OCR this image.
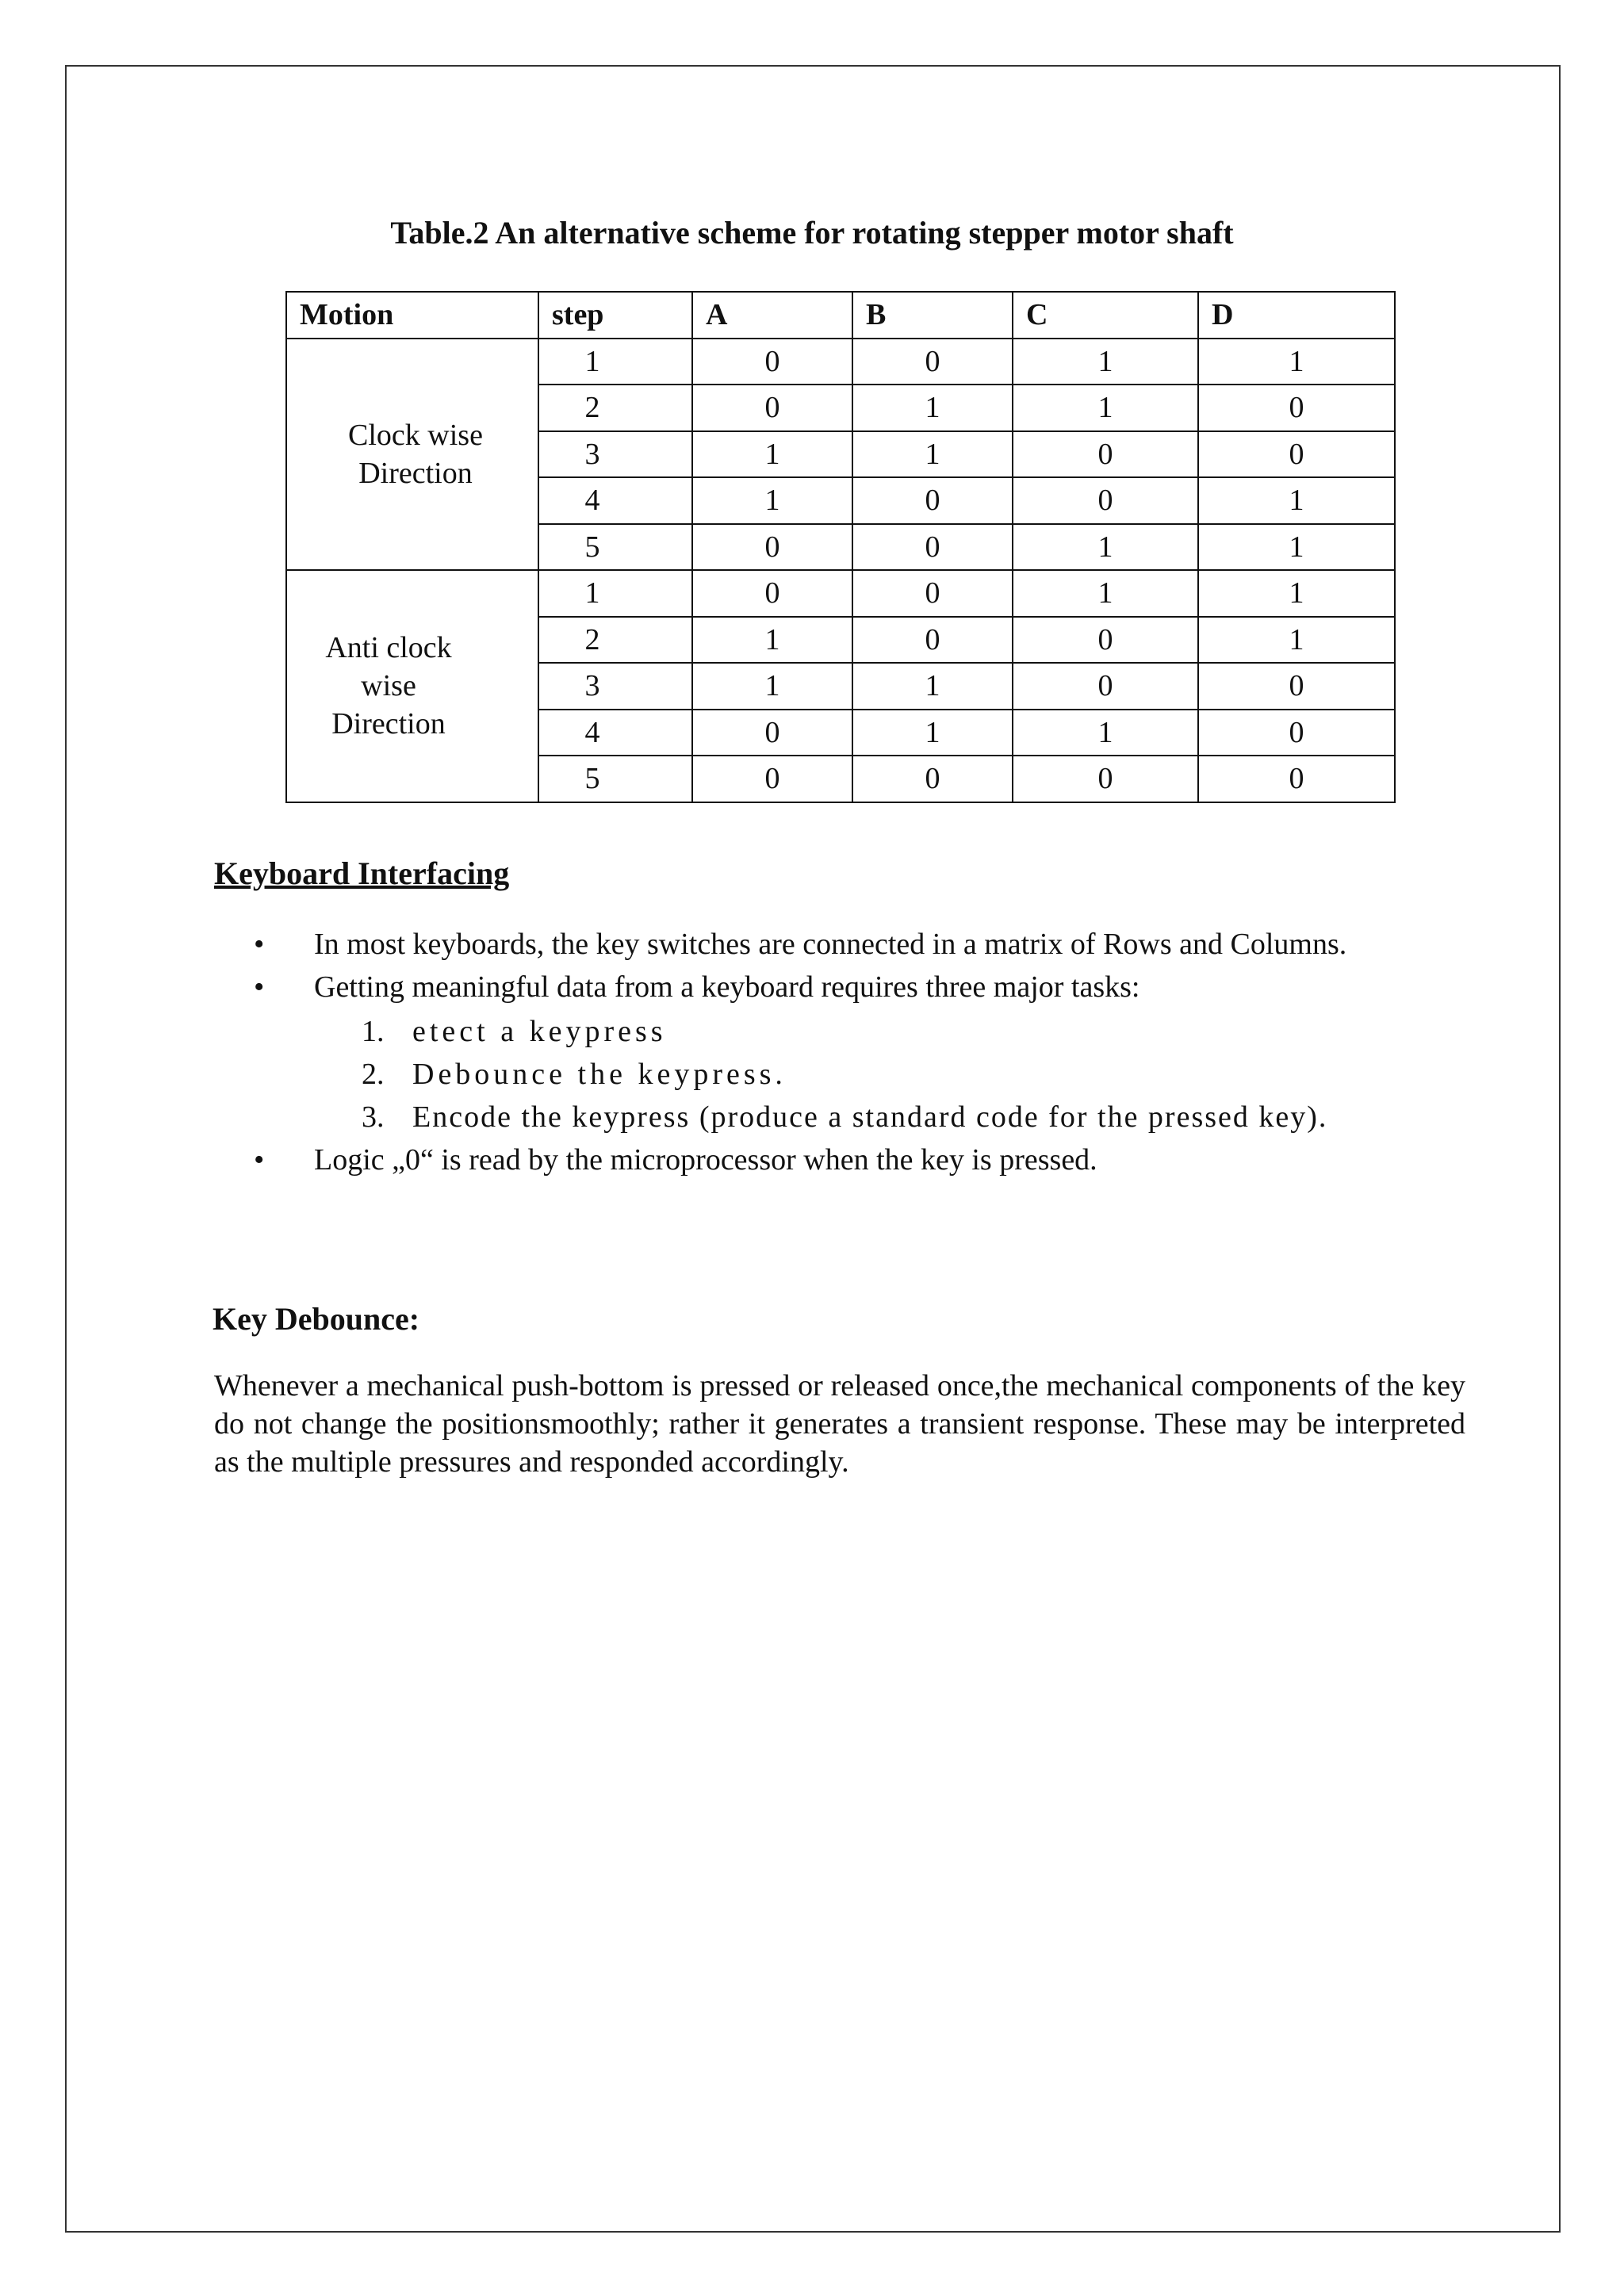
Table.2 An alternative scheme for rotating stepper motor shaft
Motion	step	A	B	C	D
Clock wise Direction	1	0	0	1	1
	2	0	1	1	0
	3	1	1	0	0
	4	1	0	0	1
	5	0	0	1	1
Anti clock wise Direction	1	0	0	1	1
	2	1	0	0	1
	3	1	1	0	0
	4	0	1	1	0
	5	0	0	0	0
Keyboard Interfacing
• In most keyboards, the key switches are connected in a matrix of Rows and Columns.
• Getting meaningful data from a keyboard requires three major tasks:
1. etect a keypress
2. Debounce the keypress.
3. Encode the keypress (produce a standard code for the pressed key).
• Logic „0“ is read by the microprocessor when the key is pressed.
Key Debounce:
Whenever a mechanical push-bottom is pressed or released once,the mechanical components of the key do not change the positionsmoothly; rather it generates a transient response. These may be interpreted as the multiple pressures and responded accordingly.
